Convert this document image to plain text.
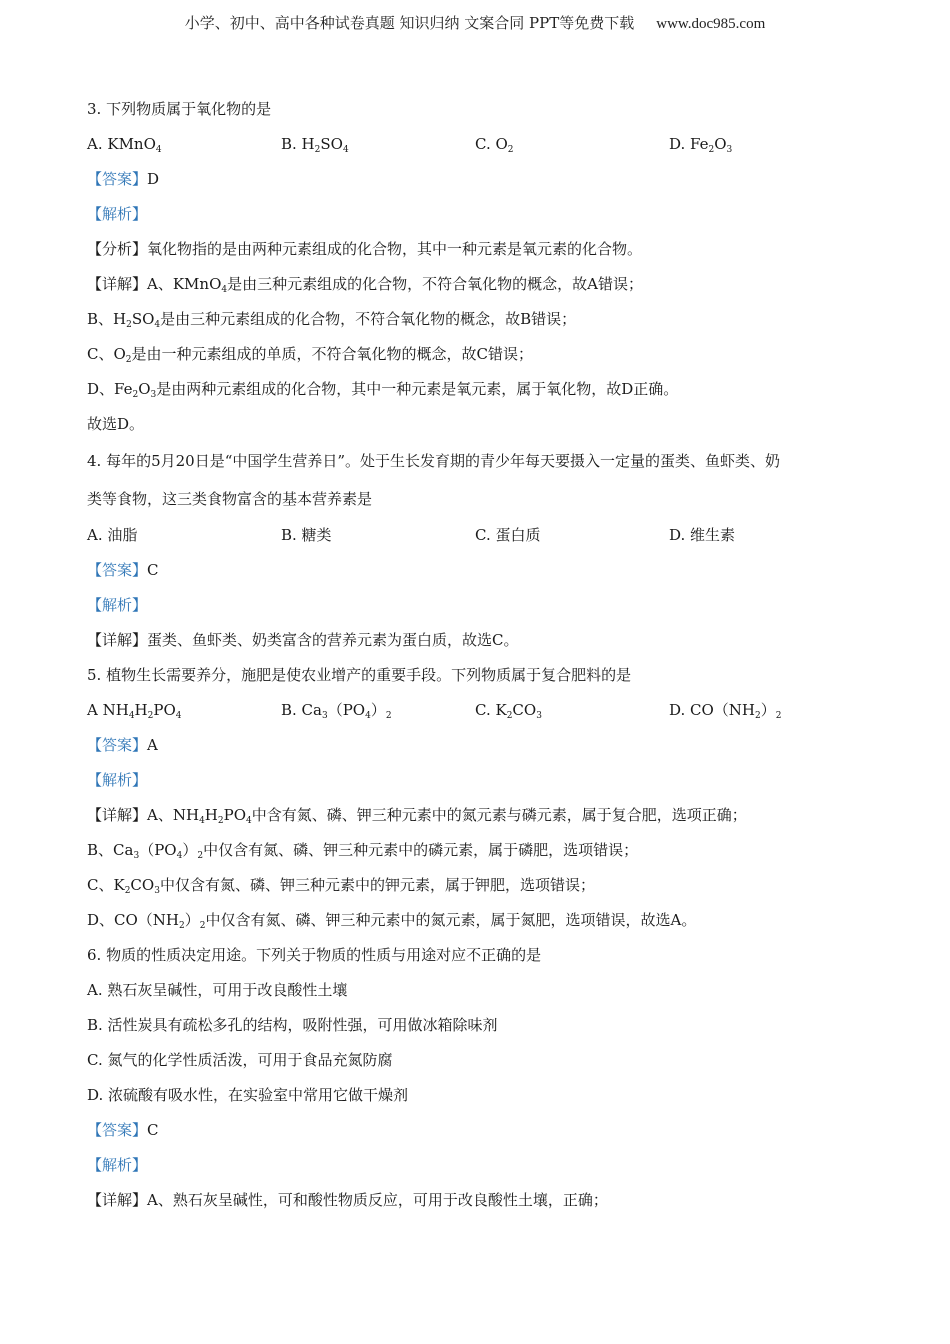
小学、初中、高中各种试卷真题 知识归纳 文案合同 PPT等免费下载 www.doc985.com
3. 下列物质属于氧化物的是
A. KMnO$_4$	B. $H_2SO_4$	C. $O_2$	D. $Fe_2O_3$
【答案】D
【解析】
【分析】氧化物指的是由两种元素组成的化合物，其中一种元素是氧元素的化合物。
【详解】A、KMnO$_4$是由三种元素组成的化合物，不符合氧化物的概念，故A错误；
B、$H_2SO_4$是由三种元素组成的化合物，不符合氧化物的概念，故B错误；
C、$O_2$是由一种元素组成的单质，不符合氧化物的概念，故C错误；
D、$Fe_2O_3$是由两种元素组成的化合物，其中一种元素是氧元素，属于氧化物，故D正确。
故选D。
4. 每年的5月20日是“中国学生营养日”。处于生长发育期的青少年每天要摄入一定量的蛋类、鱼虾类、奶
类等食物，这三类食物富含的基本营养素是
A. 油脂	B. 糖类	C. 蛋白质	D. 维生素
【答案】C
【解析】
【详解】蛋类、鱼虾类、奶类富含的营养元素为蛋白质，故选C。
5. 植物生长需要养分，施肥是使农业增产的重要手段。下列物质属于复合肥料的是
A $NH_4H_2PO_4$	B. $Ca_3(PO_4)_2$	C. $K_2CO_3$	D. $CO(NH_2)_2$
【答案】A
【解析】
【详解】A、$NH_4H_2PO_4$中含有氮、磷、钾三种元素中的氮元素与磷元素，属于复合肥，选项正确；
B、$Ca_3(PO_4)_2$中仅含有氮、磷、钾三种元素中的磷元素，属于磷肥，选项错误；
C、$K_2CO_3$中仅含有氮、磷、钾三种元素中的钾元素，属于钾肥，选项错误；
D、$CO(NH_2)_2$中仅含有氮、磷、钾三种元素中的氮元素，属于氮肥，选项错误，故选A。
6. 物质的性质决定用途。下列关于物质的性质与用途对应不正确的是
A. 熟石灰呈碱性，可用于改良酸性土壤
B. 活性炭具有疏松多孔的结构，吸附性强，可用做冰箱除味剂
C. 氮气的化学性质活泼，可用于食品充氮防腐
D. 浓硫酸有吸水性，在实验室中常用它做干燥剂
【答案】C
【解析】
【详解】A、熟石灰呈碱性，可和酸性物质反应，可用于改良酸性土壤，正确；
